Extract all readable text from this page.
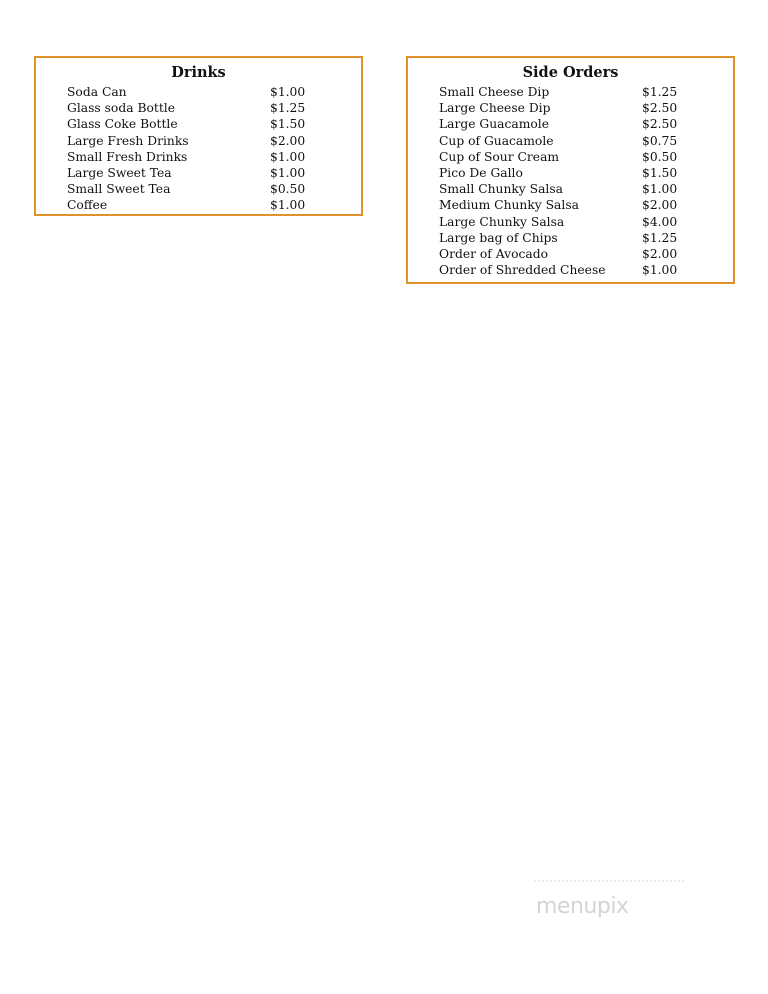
Drinks
Soda Can	$1.00
Glass soda Bottle	$1.25
Glass Coke Bottle	$1.50
Large Fresh Drinks	$2.00
Small Fresh Drinks	$1.00
Large Sweet Tea	$1.00
Small Sweet Tea	$0.50
Coffee	$1.00
Side Orders
Small Cheese Dip	$1.25
Large Cheese Dip	$2.50
Large Guacamole	$2.50
Cup of Guacamole	$0.75
Cup of Sour Cream	$0.50
Pico De Gallo	$1.50
Small Chunky Salsa	$1.00
Medium Chunky Salsa	$2.00
Large Chunky Salsa	$4.00
Large bag of Chips	$1.25
Order of Avocado	$2.00
Order of Shredded Cheese	$1.00
menupix
